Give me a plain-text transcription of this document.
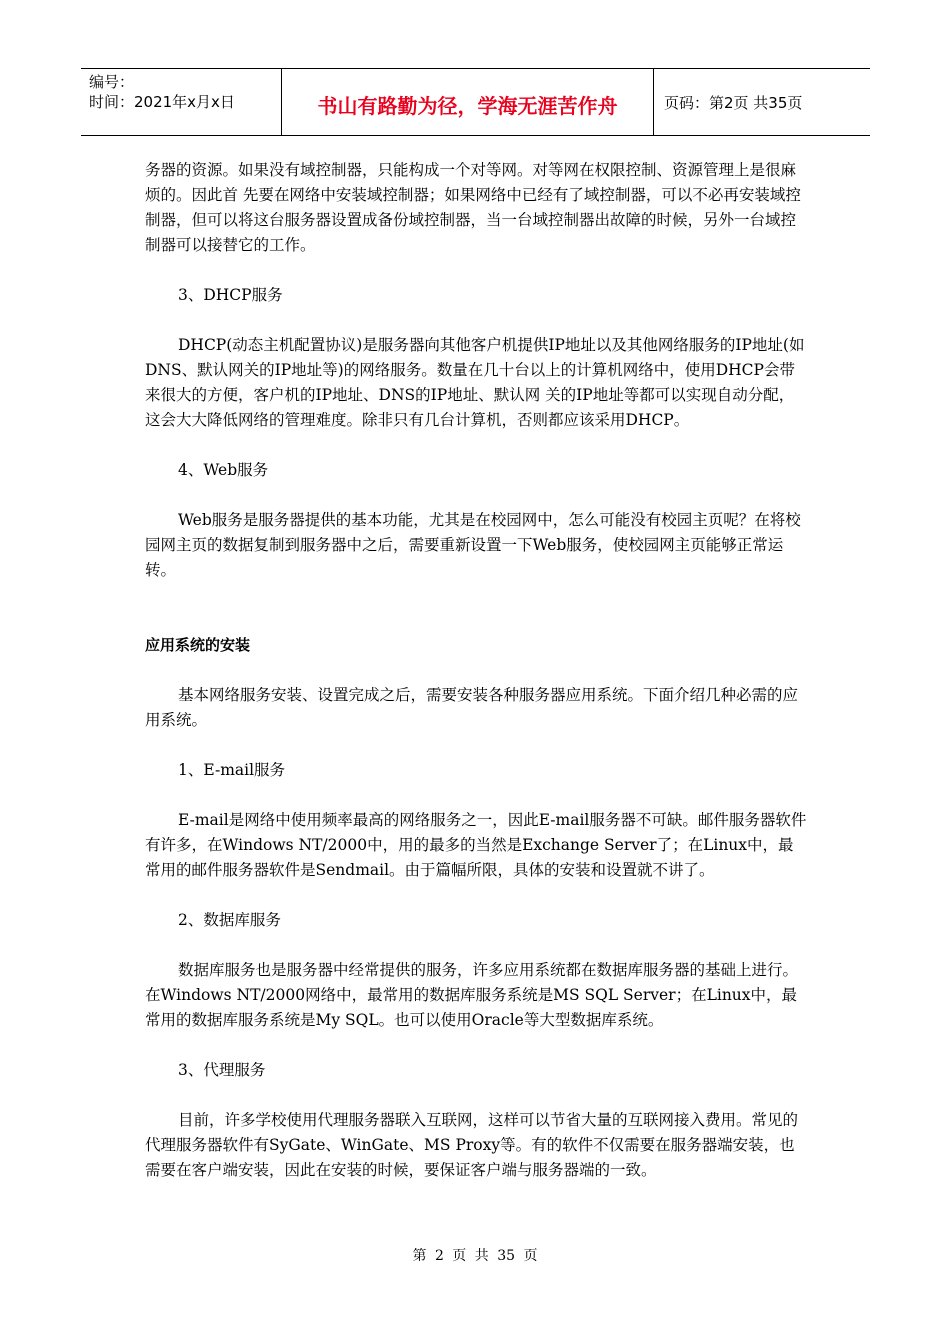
编号：
时间：2021年x月x日	书山有路勤为径，学海无涯苦作舟	页码：第2页 共35页

务器的资源。如果没有域控制器，只能构成一个对等网。对等网在权限控制、资源管理上是很麻烦的。因此首 先要在网络中安装域控制器；如果网络中已经有了域控制器，可以不必再安装域控制器，但可以将这台服务器设置成备份域控制器，当一台域控制器出故障的时候，另外一台域控制器可以接替它的工作。

3、DHCP服务

DHCP(动态主机配置协议)是服务器向其他客户机提供IP地址以及其他网络服务的IP地址(如DNS、默认网关的IP地址等)的网络服务。数量在几十台以上的计算机网络中，使用DHCP会带来很大的方便，客户机的IP地址、DNS的IP地址、默认网 关的IP地址等都可以实现自动分配，这会大大降低网络的管理难度。除非只有几台计算机，否则都应该采用DHCP。

4、Web服务

Web服务是服务器提供的基本功能，尤其是在校园网中，怎么可能没有校园主页呢？在将校园网主页的数据复制到服务器中之后，需要重新设置一下Web服务，使校园网主页能够正常运转。

应用系统的安装

基本网络服务安装、设置完成之后，需要安装各种服务器应用系统。下面介绍几种必需的应用系统。

1、E-mail服务

E-mail是网络中使用频率最高的网络服务之一，因此E-mail服务器不可缺。邮件服务器软件有许多，在Windows NT/2000中，用的最多的当然是Exchange Server了；在Linux中，最常用的邮件服务器软件是Sendmail。由于篇幅所限，具体的安装和设置就不讲了。

2、数据库服务

数据库服务也是服务器中经常提供的服务，许多应用系统都在数据库服务器的基础上进行。在Windows NT/2000网络中，最常用的数据库服务系统是MS SQL Server；在Linux中，最常用的数据库服务系统是My SQL。也可以使用Oracle等大型数据库系统。

3、代理服务

目前，许多学校使用代理服务器联入互联网，这样可以节省大量的互联网接入费用。常见的代理服务器软件有SyGate、WinGate、MS Proxy等。有的软件不仅需要在服务器端安装，也需要在客户端安装，因此在安装的时候，要保证客户端与服务器端的一致。

第 2 页 共 35 页
